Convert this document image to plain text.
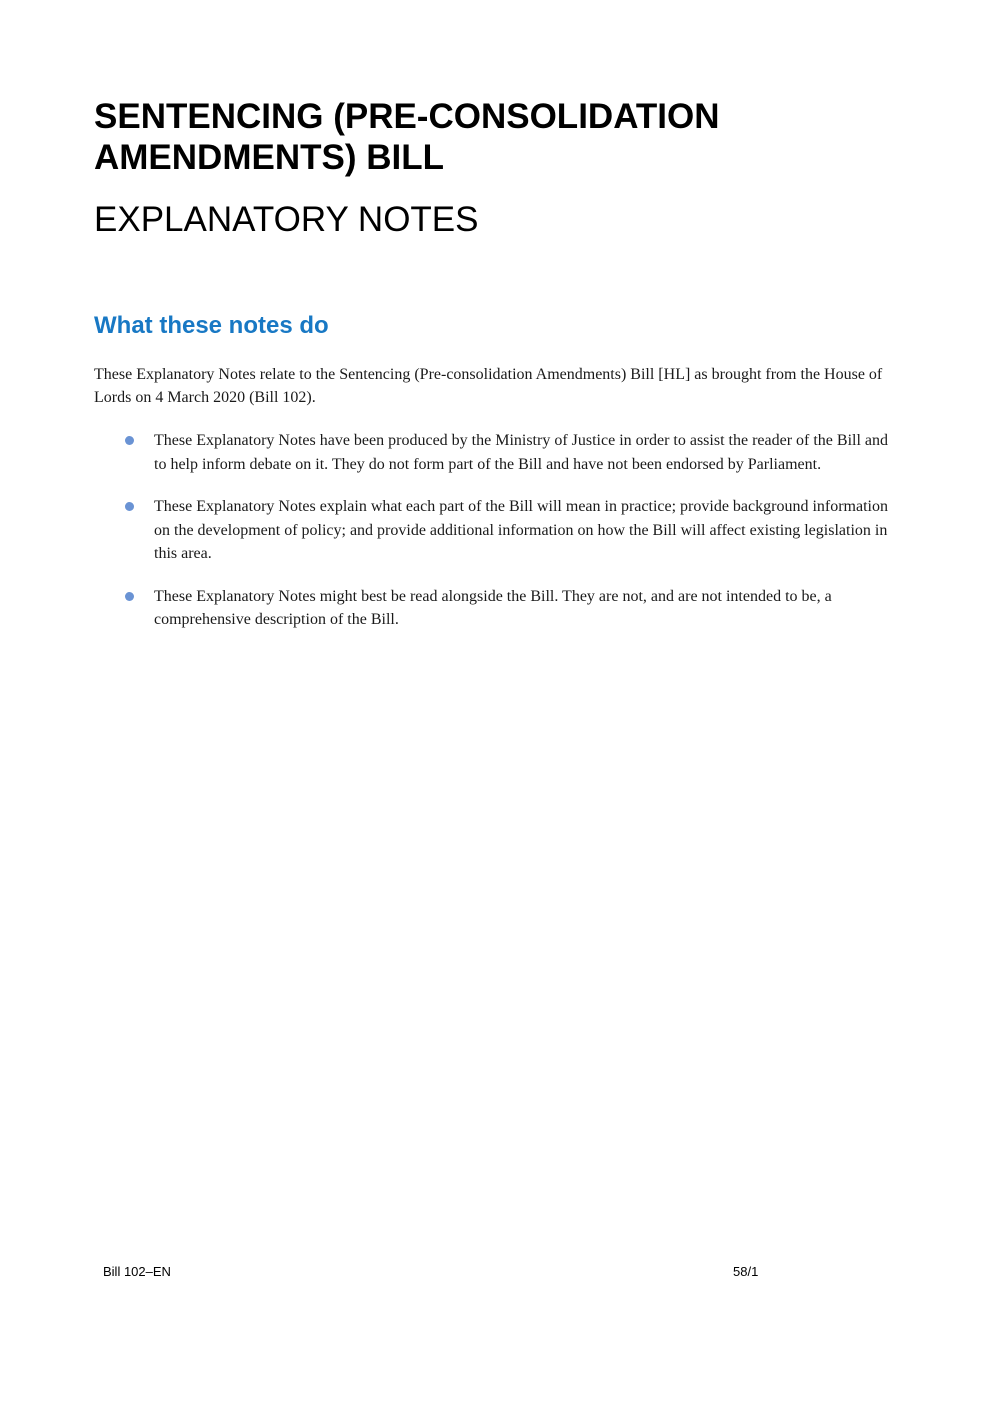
SENTENCING (PRE-CONSOLIDATION
AMENDMENTS) BILL
EXPLANATORY NOTES
What these notes do

These Explanatory Notes relate to the Sentencing (Pre-consolidation Amendments) Bill [HL] as brought from the House of Lords on 4 March 2020 (Bill 102).

These Explanatory Notes have been produced by the Ministry of Justice in order to assist the reader of the Bill and to help inform debate on it. They do not form part of the Bill and have not been endorsed by Parliament.
These Explanatory Notes explain what each part of the Bill will mean in practice; provide background information on the development of policy; and provide additional information on how the Bill will affect existing legislation in this area.
These Explanatory Notes might best be read alongside the Bill. They are not, and are not intended to be, a comprehensive description of the Bill.
Bill 102–EN	58/1
